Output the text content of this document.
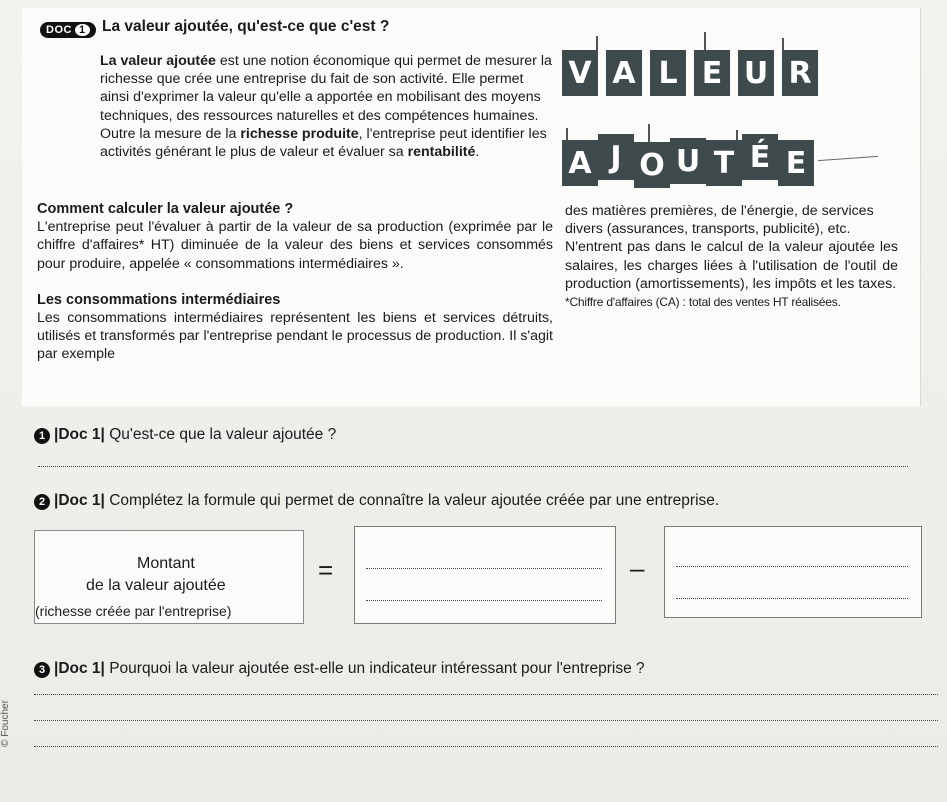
DOC 1	La valeur ajoutée, qu'est-ce que c'est ?
La valeur ajoutée est une notion économique qui permet de mesurer la richesse que crée une entreprise du fait de son activité. Elle permet ainsi d'exprimer la valeur qu'elle a apportée en mobilisant des moyens techniques, des ressources naturelles et des compétences humaines. Outre la mesure de la richesse produite, l'entreprise peut identifier les activités générant le plus de valeur et évaluer sa rentabilité.
V A L E U R
A J O U T É E
Comment calculer la valeur ajoutée ?

L'entreprise peut l'évaluer à partir de la valeur de sa production (exprimée par le chiffre d'affaires* HT) diminuée de la valeur des biens et services consommés pour produire, appelée « consommations intermédiaires ».

Les consommations intermédiaires

Les consommations intermédiaires représentent les biens et services détruits, utilisés et transformés par l'entreprise pendant le processus de production. Il s'agit par exemple

des matières premières, de l'énergie, de services divers (assurances, transports, publicité), etc.

N'entrent pas dans le calcul de la valeur ajoutée les salaires, les charges liées à l'utilisation de l'outil de production (amortissements), les impôts et les taxes.

*Chiffre d'affaires (CA) : total des ventes HT réalisées.

1 |Doc 1| Qu'est-ce que la valeur ajoutée ?
2 |Doc 1| Complétez la formule qui permet de connaître la valeur ajoutée créée par une entreprise.
Montant
de la valeur ajoutée
(richesse créée par l'entreprise)
=	–
3 |Doc 1| Pourquoi la valeur ajoutée est-elle un indicateur intéressant pour l'entreprise ?
© Foucher
